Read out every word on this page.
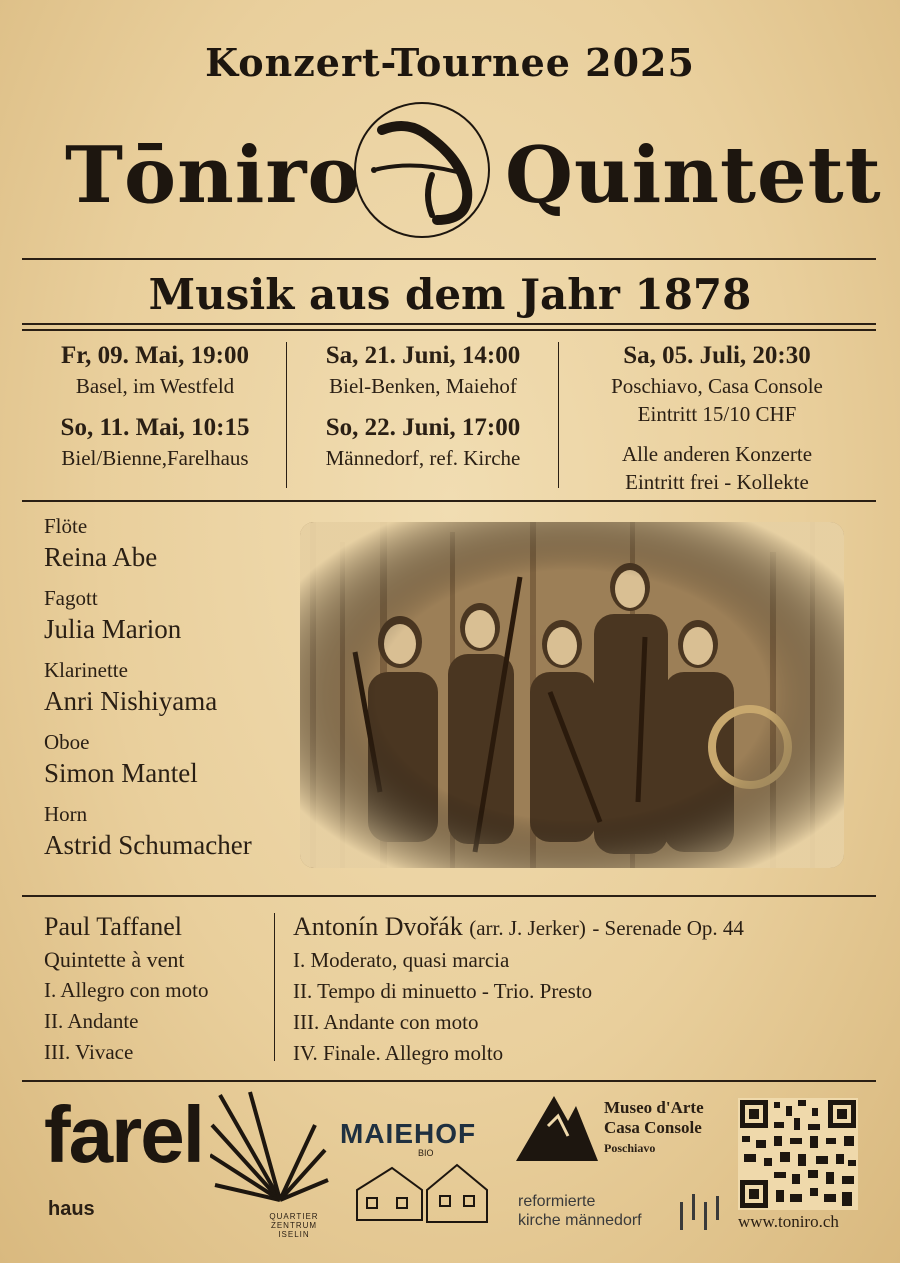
Konzert-Tournee 2025
Tōniro Quintett
Musik aus dem Jahr 1878
Fr, 09. Mai, 19:00
Basel, im Westfeld
So, 11. Mai, 10:15
Biel/Bienne,Farelhaus
Sa, 21. Juni, 14:00
Biel-Benken, Maiehof
So, 22. Juni, 17:00
Männedorf, ref. Kirche
Sa, 05. Juli, 20:30
Poschiavo, Casa Console
Eintritt 15/10 CHF
Alle anderen Konzerte
Eintritt frei - Kollekte
Flöte
Reina Abe
Fagott
Julia Marion
Klarinette
Anri Nishiyama
Oboe
Simon Mantel
Horn
Astrid Schumacher
Paul Taffanel
Quintette à vent
I. Allegro con moto
II. Andante
III. Vivace
Antonín Dvořák (arr. J. Jerker) - Serenade Op. 44
I. Moderato, quasi marcia
II. Tempo di minuetto - Trio. Presto
III. Andante con moto
IV. Finale. Allegro molto
farel
haus	QUARTIER
ZENTRUM
ISELIN
MAIEHOF
BIO
Museo d'Arte
Casa Console
Poschiavo
reformierte
kirche männedorf	www.toniro.ch
